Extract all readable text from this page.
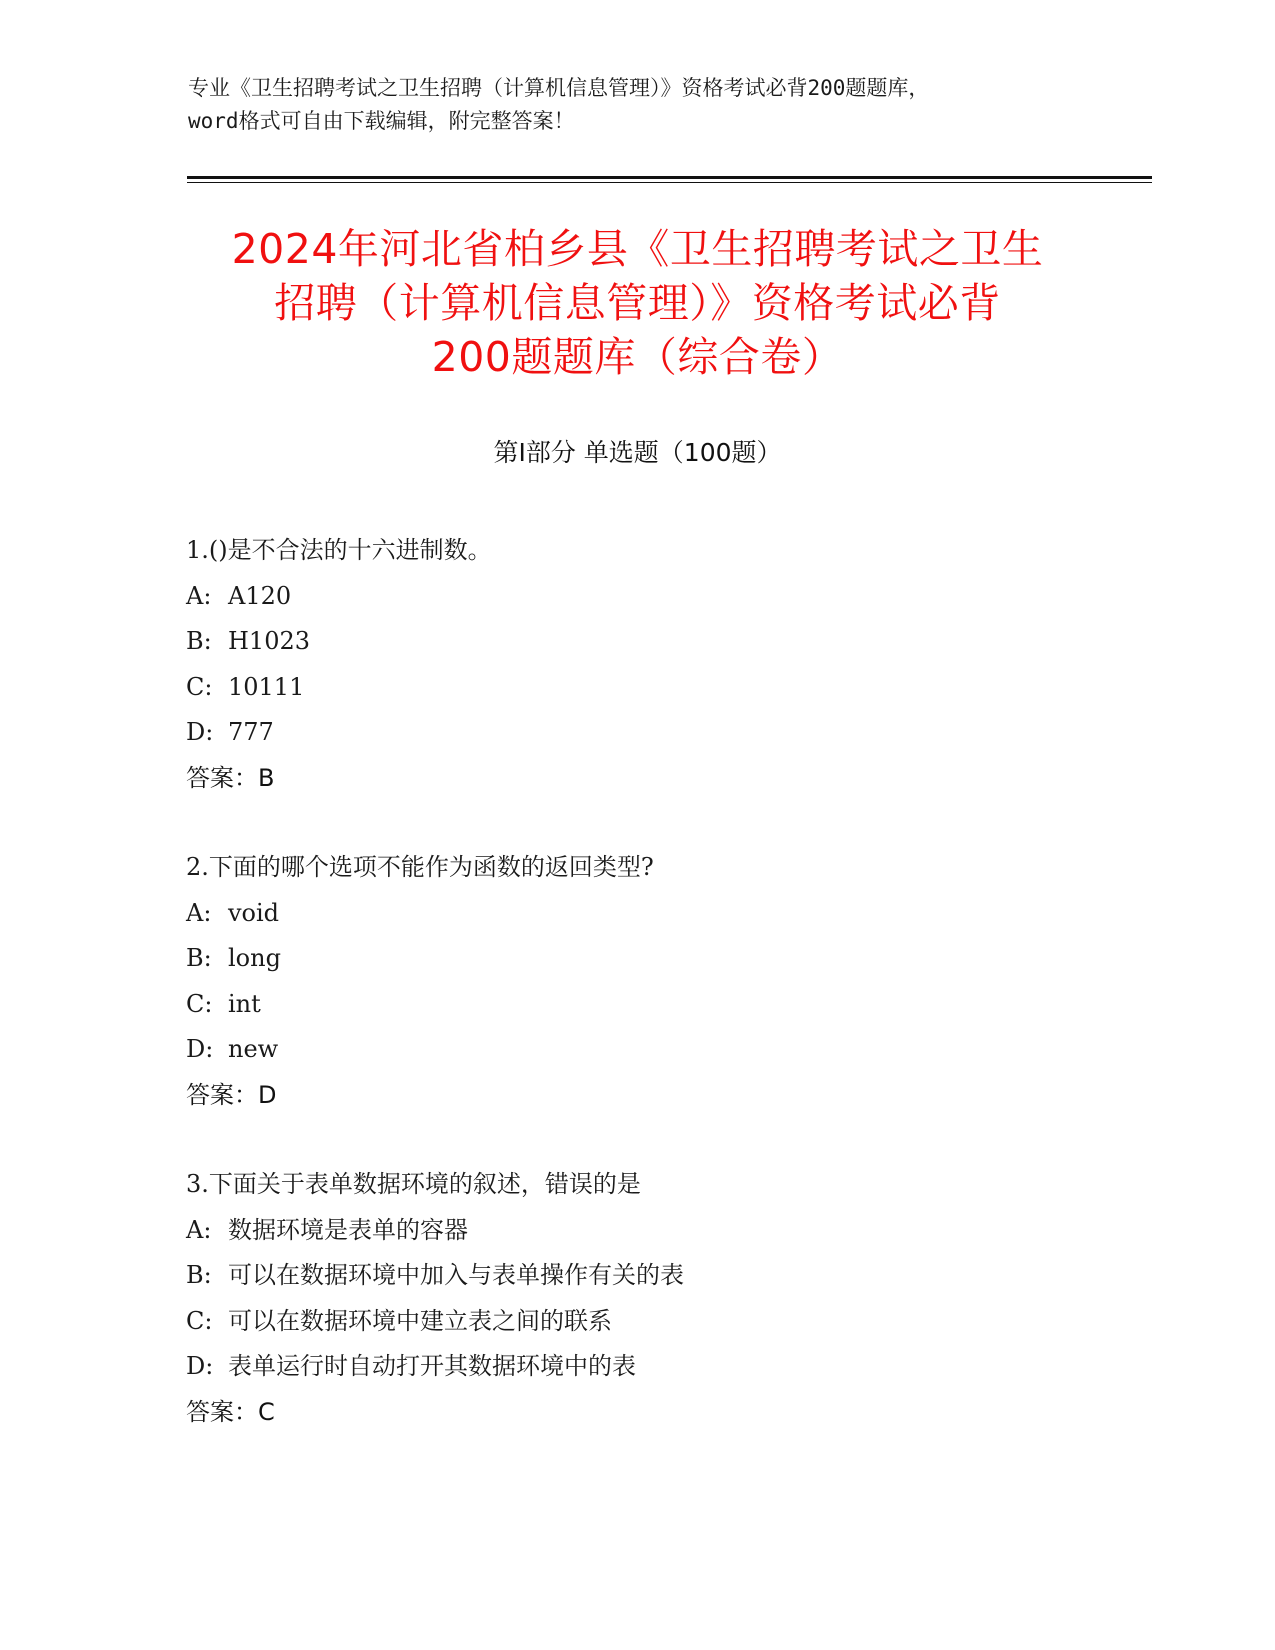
专业《卫生招聘考试之卫生招聘（计算机信息管理）》资格考试必背200题题库，
word格式可自由下载编辑，附完整答案！
2024年河北省柏乡县《卫生招聘考试之卫生
招聘（计算机信息管理）》资格考试必背
200题题库（综合卷）
第Ⅰ部分 单选题（100题）
1.()是不合法的十六进制数。
A: A120
B: H1023
C: 10111
D: 777
答案：B
2.下面的哪个选项不能作为函数的返回类型?
A: void
B: long
C: int
D: new
答案：D
3.下面关于表单数据环境的叙述，错误的是
A: 数据环境是表单的容器
B: 可以在数据环境中加入与表单操作有关的表
C: 可以在数据环境中建立表之间的联系
D: 表单运行时自动打开其数据环境中的表
答案：C
